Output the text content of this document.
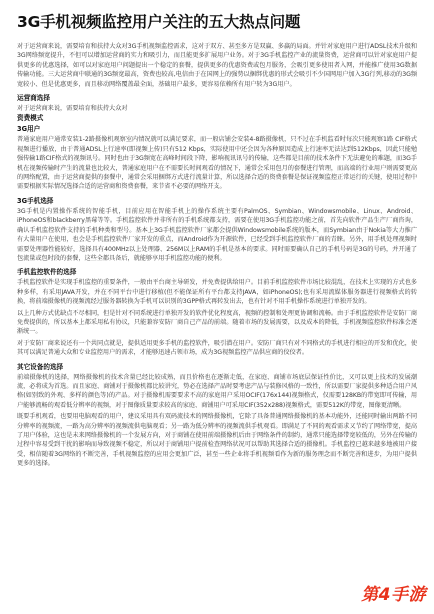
3G手机视频监控用户关注的五大热点问题

对于运营商来说，需要培育和扶持大众对3G手机视频监控需求，这对于双方、甚至多方是双赢、多赢的局面。并针对家庭用户进行ADSL技术升级和3G网络频宽提升，不但可以增加运营商的实力和吸引力，而且能更多扩展用户业务。对于3G手机监控产业的流量资费，运营商可以针对家庭用户提供更多的优惠选择，如可以对家庭用户问题提出一个稳定的套餐，提供更多的优惠资费或包月服务，会吸引更多使用者入网，并能推广使用3G数据传输功能。三大运营商中联通的3G频宽最高，资费也较高,电信由于在国网上的强势以捆绑优惠的形式会吸引不少国网用户加入3G行列,移动的3G频宽较小、但是优惠更多，而且移动网络覆盖最全面，基础用户最多，更容易依赖所有用户转为3G用户。

运营商选择

对于运营商来说，需要培育和扶持大众对

资费模式
3G用户

普通家庭用户通常安装1-2路摄像机观察室内情况就可以满足要求，而一般店铺会安装4-8路摄像机，只不过在手机监看时每次只能观察1路 CIF格式视频进行播放，由于普通ADSL上行速率(即视频上传)只有512 Kbps，实际使用中还会因为各种原因造成上行速率无法达到512Kbps，因此只能勉强传输1路CIF格式的视频讯号。同时也由于3G频宽在高峰时间段下降，影响视讯讯号的传输，这些都是目前的技术条件下无法避免的难题，而3G手机在视频传输时产生的流量也比较大，普通家庭用户在不需要长时间观看的情况下，通常会采用包月的套餐进行管理，而高端的行业用户则需要更高的网络配置，由于运营商提供的套餐中，通常会采用捆绑方式进行流量计算，所以选择合适的资费套餐是保证视频监控正常运行的关键，使用过程中需要根据实际情况选择合适的运营商和资费套餐，来节省不必要的网络开支。

3G手机选择

3G手机是内置操作系统的智能手机，目前应用在智能手机上的操作系统主要有PalmOS、Symbian、Windowsmobile、Linux、Android、iPhoneOS和blackberry黑莓等等。手机监控软件并非所有的手机系统都支持，需要在使用3G手机监控功能之前，首先向软件产品生产厂商咨询，确认手机监控软件支持的手机种类和型号。基本上3G手机监控软件厂家都会提供Windowsmobile系统的版本，而Symbian由于Nokia等大力推广有大量用户在使用，也会是手机监控软件厂家开发的重点，而Android作为开源软件，已经受到手机监控软件厂商的青睐。另外，用手机处理视频时需要处理器性能较好，选择具有400MHz以上处理器、256M以上RAM的手机是基本的要求。同时需要确认自己的手机号码是3G的号码，并开通了包流量或包时段的套餐，这些全都具备后，就能够享用手机监控功能的便利。

手机监控软件的选择

手机监控软件是实现手机监控的重要条件，一般由平台商主导研发，并免费提供给用户。目前手机监控软件市场比较混乱，在技术上实现的方式也多种多样，有采用JAVA开发，并在不同平台中进行移植(但不能保证所有平台都支持JAVA，如iPhoneOS);也有采用流媒体服务器进行视频格式的转换，将前端摄像机的视频流经过服务器转换为手机可以识别的3GPP格式再转发出去，也有针对不用手机操作系统进行单独开发的。

以上几种方式优缺点不尽相同，但是针对不同系统进行单独开发的软件优化程度高，视频的控制和处理更协调和流畅。由于手机监控软件是安防厂商免费提供的，所以基本上都采用私有协议，只能兼容安防厂商自己产品的前端。随着市场的发展需要，以及成本的降低，手机视频监控软件标准会逐渐统一。

对于安防厂商来说还有一个共同点就是，提供适用更多手机的监控软件，吸引潜在用户。安防厂商只有对不同格式的手机进行相应的开发和优化，使其可以满足普通大众和专业监控用户的需求，才能够迅速占领市场，成为3G视频监控产品供应商的佼佼者。

其它设备的选择

前端摄像机的选择，网络摄像机的技术含量已经比较成熟，而且价格也在逐渐走低，在家庭、商铺市场底层保证性价比，又可以更上技术的发展潮流，必将成为首选。而且家庭、商铺对于摄像机都比较讲究，势必在选择产品时要考虑产品与装修风格的一致性，所以需要厂家提供多种适合用户风格(如别致的外观、多样的颜色等)的产品。对于摄像机需要要求不高的家庭用户采用OCIF(176x144)视频格式，仅需要128KB的带宽即可传输，用户能够流畅的观看低分辨率的视频，对于图像质量要求较高的家庭、商铺用户可采用CIF(352x288)视频格式，需要512K的带宽，图像更清晰。

既要手机观看，也要用电脑观看的用户，建议采用具有双码流技术的网络摄像机，它除了具备普通网络摄像机的基本功能外，还能同时输出两路不同分辨率的视频流，一路为高分辨率的视频流供电脑观看；另一路为低分辨率的视频流供手机观看。即满足了不同的观看需求又节约了网络带宽，提高了用户体验，这也是未来网络摄像机的一个发展方向，对于商铺在使用前端摄像机后由于网络条件的制约，通常只能选择带宽较低的，另外在传输的过程中容易受到干扰的影响而导致视频不稳定，所以对于商铺用户提前检查网络状况可以帮助其选择合适的摄像机。手机监控已越来越多地被用户接受，相信随着3G网络的不断完善，手机视频监控的应用会更加广泛，甚至一些企业将手机视频看作为新的服务理念而不断完善和进步，为用户提供更多的选择。

第4手游
